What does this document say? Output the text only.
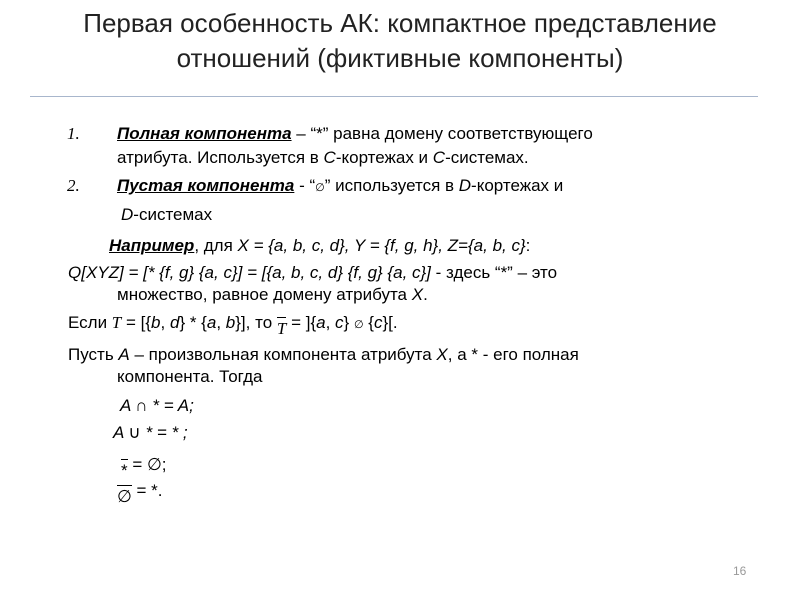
Первая особенность АК: компактное представление
отношений (фиктивные компоненты)
1. Полная компонента – “*” равна домену соответствующего
атрибута. Используется в C-кортежах и C-системах.
2. Пустая компонента - “∅” используется в D-кортежах и
D-системах
Например, для X = {a, b, c, d}, Y = {f, g, h}, Z={a, b, c}:
Q[XYZ] = [* {f, g} {a, c}] = [{a, b, c, d} {f, g} {a, c}] - здесь “*” – это
множество, равное домену атрибута X.
Если T = [{b, d} * {a, b}], то
T = ]{a, c} ∅ {c}[.
Пусть A – произвольная компонента атрибута X, а * - его полная
компонента. Тогда
A ∩ * = A;
A ∪ * = * ;
* = ∅;
∅ = *.
16
